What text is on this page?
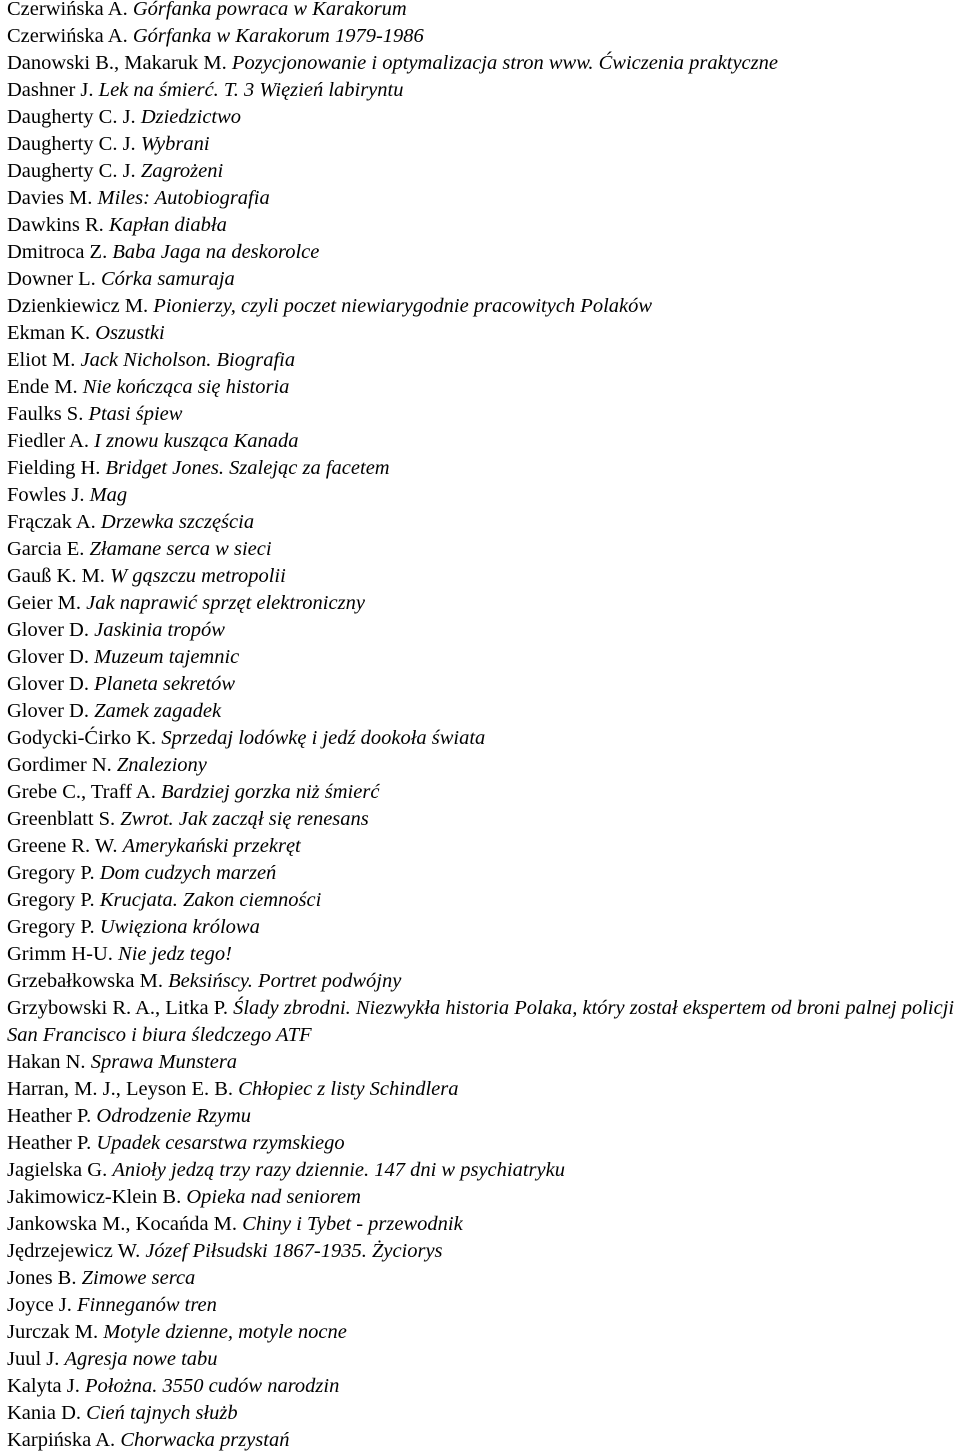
Czerwińska A. Górfanka powraca w Karakorum
Czerwińska A. Górfanka w Karakorum 1979-1986
Danowski B., Makaruk M. Pozycjonowanie i optymalizacja stron www. Ćwiczenia praktyczne
Dashner J. Lek na śmierć. T. 3 Więzień labiryntu
Daugherty C. J. Dziedzictwo
Daugherty C. J. Wybrani
Daugherty C. J. Zagrożeni
Davies M. Miles: Autobiografia
Dawkins R. Kapłan diabła
Dmitroca Z. Baba Jaga na deskorolce
Downer L. Córka samuraja
Dzienkiewicz M. Pionierzy, czyli poczet niewiarygodnie pracowitych Polaków
Ekman K. Oszustki
Eliot M. Jack Nicholson. Biografia
Ende M. Nie kończąca się historia
Faulks S. Ptasi śpiew
Fiedler A. I znowu kusząca Kanada
Fielding H. Bridget Jones. Szalejąc za facetem
Fowles J. Mag
Frączak A. Drzewka szczęścia
Garcia E. Złamane serca w sieci
Gauß K. M. W gąszczu metropolii
Geier M. Jak naprawić sprzęt elektroniczny
Glover D. Jaskinia tropów
Glover D. Muzeum tajemnic
Glover D. Planeta sekretów
Glover D. Zamek zagadek
Godycki-Ćirko K. Sprzedaj lodówkę i jedź dookoła świata
Gordimer N. Znaleziony
Grebe C., Traff A. Bardziej gorzka niż śmierć
Greenblatt S. Zwrot. Jak zaczął się renesans
Greene R. W. Amerykański przekręt
Gregory P. Dom cudzych marzeń
Gregory P. Krucjata. Zakon ciemności
Gregory P. Uwięziona królowa
Grimm H-U. Nie jedz tego!
Grzebałkowska M. Beksińscy. Portret podwójny
Grzybowski R. A., Litka P. Ślady zbrodni. Niezwykła historia Polaka, który został ekspertem od broni palnej policji San Francisco i biura śledczego ATF
Hakan N. Sprawa Munstera
Harran, M. J., Leyson E. B. Chłopiec z listy Schindlera
Heather P. Odrodzenie Rzymu
Heather P. Upadek cesarstwa rzymskiego
Jagielska G. Anioły jedzą trzy razy dziennie. 147 dni w psychiatryku
Jakimowicz-Klein B. Opieka nad seniorem
Jankowska M., Kocańda M. Chiny i Tybet - przewodnik
Jędrzejewicz W. Józef Piłsudski 1867-1935. Życiorys
Jones B. Zimowe serca
Joyce J. Finneganów tren
Jurczak M. Motyle dzienne, motyle nocne
Juul J. Agresja nowe tabu
Kalyta J. Położna. 3550 cudów narodzin
Kania D. Cień tajnych służb
Karpińska A. Chorwacka przystań
